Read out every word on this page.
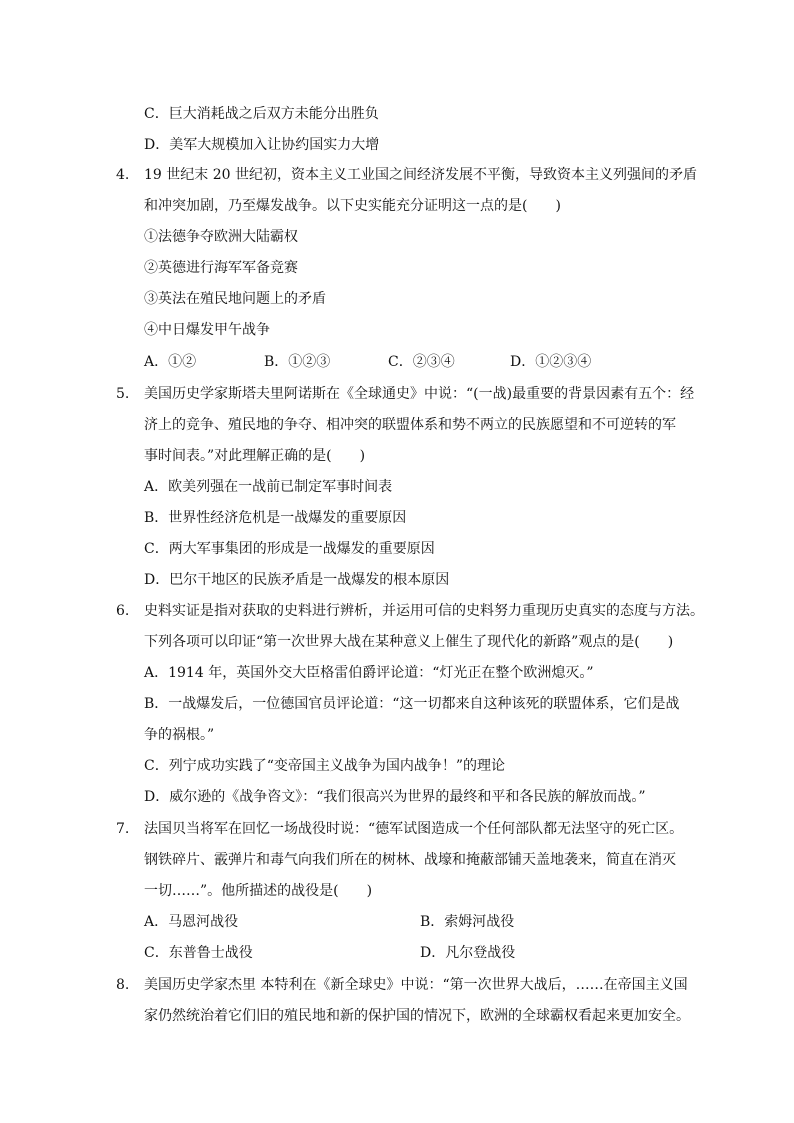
C．巨大消耗战之后双方未能分出胜负
D．美军大规模加入让协约国实力大增
4. 19 世纪末 20 世纪初，资本主义工业国之间经济发展不平衡，导致资本主义列强间的矛盾
和冲突加剧，乃至爆发战争。以下史实能充分证明这一点的是(　　)
①法德争夺欧洲大陆霸权
②英德进行海军军备竞赛
③英法在殖民地问题上的矛盾
④中日爆发甲午战争
A．①②	B．①②③	C．②③④	D．①②③④
5. 美国历史学家斯塔夫里阿诺斯在《全球通史》中说：“(一战)最重要的背景因素有五个：经
济上的竞争、殖民地的争夺、相冲突的联盟体系和势不两立的民族愿望和不可逆转的军
事时间表。”对此理解正确的是(　　)
A．欧美列强在一战前已制定军事时间表
B．世界性经济危机是一战爆发的重要原因
C．两大军事集团的形成是一战爆发的重要原因
D．巴尔干地区的民族矛盾是一战爆发的根本原因
6. 史料实证是指对获取的史料进行辨析，并运用可信的史料努力重现历史真实的态度与方法。
下列各项可以印证“第一次世界大战在某种意义上催生了现代化的新路”观点的是(　　)
A．1914 年，英国外交大臣格雷伯爵评论道：“灯光正在整个欧洲熄灭。”
B．一战爆发后，一位德国官员评论道：“这一切都来自这种该死的联盟体系，它们是战
争的祸根。”
C．列宁成功实践了“变帝国主义战争为国内战争！”的理论
D．威尔逊的《战争咨文》：“我们很高兴为世界的最终和平和各民族的解放而战。”
7. 法国贝当将军在回忆一场战役时说：“德军试图造成一个任何部队都无法坚守的死亡区。
钢铁碎片、霰弹片和毒气向我们所在的树林、战壕和掩蔽部铺天盖地袭来，简直在消灭
一切……”。他所描述的战役是(　　)
A．马恩河战役	B．索姆河战役
C．东普鲁士战役	D．凡尔登战役
8. 美国历史学家杰里 本特利在《新全球史》中说：“第一次世界大战后，……在帝国主义国
家仍然统治着它们旧的殖民地和新的保护国的情况下，欧洲的全球霸权看起来更加安全。
